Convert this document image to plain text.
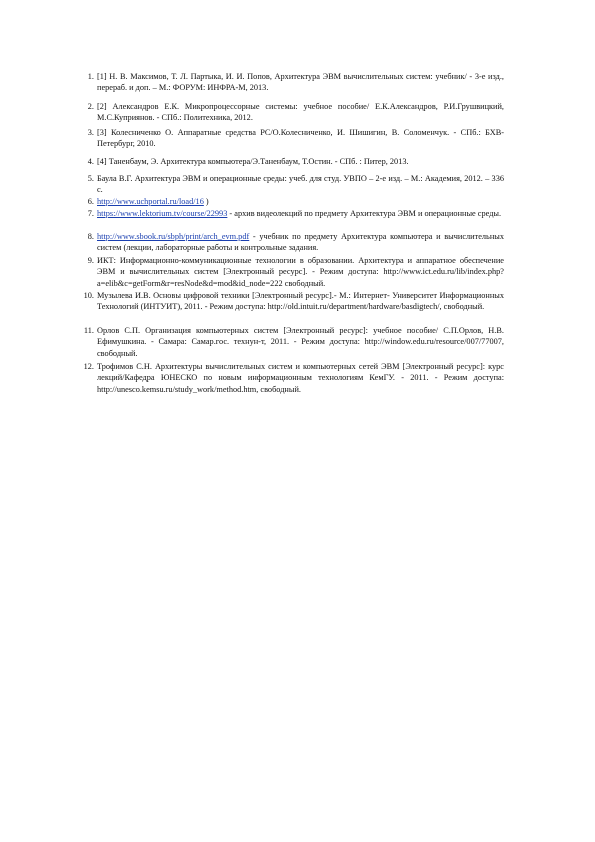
1. [1] Н. В. Максимов, Т. Л. Партыка, И. И. Попов, Архитектура ЭВМ вычислительных систем: учебник/ - 3-е изд., перераб. и доп. – М.: ФОРУМ: ИНФРА-М, 2013.
2. [2] Александров Е.К. Микропроцессорные системы: учебное пособие/ Е.К.Александров, Р.И.Грушвицкий, М.С.Куприянов. - СПб.: Политехника, 2012.
3. [3] Колесниченко О. Аппаратные средства PC/О.Колесниченко, И. Шишигин, В. Соломенчук. - СПб.: БХВ-Петербург, 2010.
4. [4] Таненбаум, Э. Архитектура компьютера/Э.Таненбаум, Т.Остин. - СПб. : Питер, 2013.
5. Баула В.Г. Архитектура ЭВМ и операционные среды: учеб. для студ. УВПО – 2-е изд. – М.: Академия, 2012. – 336 с.
6. http://www.uchportal.ru/load/16 )
7. https://www.lektorium.tv/course/22993 - архив видеолекций по предмету Архитектура ЭВМ и операционные среды.
8. http://www.sbook.ru/sbph/print/arch_evm.pdf - учебник по предмету Архитектура компьютера и вычислительных систем (лекции, лабораторные работы и контрольные задания.
9. ИКТ: Информационно-коммуникационные технологии в образовании. Архитектура и аппаратное обеспечение ЭВМ и вычислительных систем [Электронный ресурс]. - Режим доступа: http://www.ict.edu.ru/lib/index.php?a=elib&c=getForm&r=resNode&d=mod&id_node=222 свободный.
10. Музылева И.В. Основы цифровой техники [Электронный ресурс].- М.: Интернет- Университет Информационных Технологий (ИНТУИТ), 2011. - Режим доступа: http://old.intuit.ru/department/hardware/basdigtech/, свободный.
11. Орлов С.П. Организация компьютерных систем [Электронный ресурс]: учебное пособие/ С.П.Орлов, Н.В. Ефимушкина. - Самара: Самар.гос. технун-т, 2011. - Режим доступа: http://window.edu.ru/resource/007/77007, свободный.
12. Трофимов С.Н. Архитектуры вычислительных систем и компьютерных сетей ЭВМ [Электронный ресурс]: курс лекций/Кафедра ЮНЕСКО по новым информационным технологиям КемГУ. - 2011. - Режим доступа: http://unesco.kemsu.ru/study_work/method.htm, свободный.
